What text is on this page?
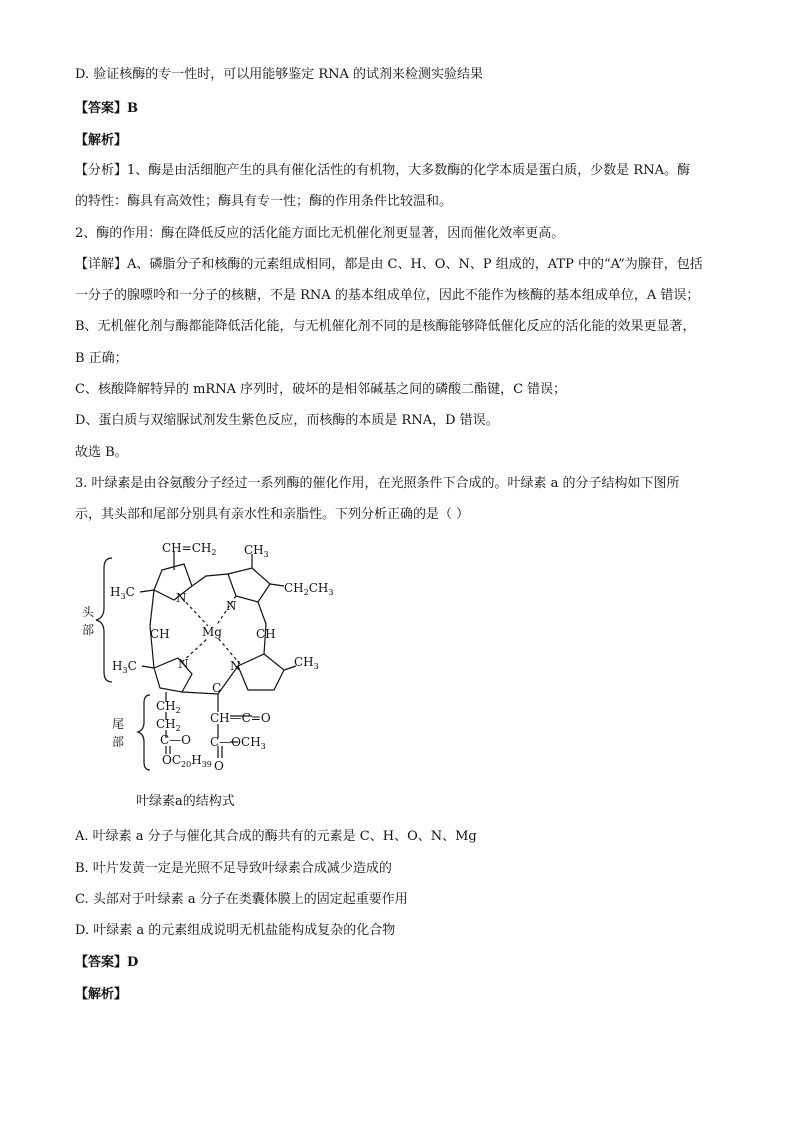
D. 验证核酶的专一性时，可以用能够鉴定 RNA 的试剂来检测实验结果
【答案】B
【解析】
【分析】1、酶是由活细胞产生的具有催化活性的有机物，大多数酶的化学本质是蛋白质，少数是 RNA。酶
的特性：酶具有高效性；酶具有专一性；酶的作用条件比较温和。
2、酶的作用：酶在降低反应的活化能方面比无机催化剂更显著，因而催化效率更高。
【详解】A、磷脂分子和核酶的元素组成相同，都是由 C、H、O、N、P 组成的，ATP 中的“A”为腺苷，包括
一分子的腺嘌呤和一分子的核糖，不是 RNA 的基本组成单位，因此不能作为核酶的基本组成单位，A 错误；
B、无机催化剂与酶都能降低活化能，与无机催化剂不同的是核酶能够降低催化反应的活化能的效果更显著，
B 正确；
C、核酸降解特异的 mRNA 序列时，破坏的是相邻碱基之间的磷酸二酯键，C 错误；
D、蛋白质与双缩脲试剂发生紫色反应，而核酶的本质是 RNA，D 错误。
故选 B。
3. 叶绿素是由谷氨酸分子经过一系列酶的催化作用，在光照条件下合成的。叶绿素 a 的分子结构如下图所
示，其头部和尾部分别具有亲水性和亲脂性。下列分析正确的是（ ）
头
部
尾
部
$CH=CH_2$ $CH_3$
$H_3C$	$CH_2CH_3$
N
N
N	N
Mg
CH	CH
$H_3C$	$CH_3$
C
CH—C=O
$C—OCH_3$
O
$CH_2$
$CH_2$
C—O
$OC_{20}H_{39}$
叶绿素a的结构式
A. 叶绿素 a 分子与催化其合成的酶共有的元素是 C、H、O、N、Mg
B. 叶片发黄一定是光照不足导致叶绿素合成减少造成的
C. 头部对于叶绿素 a 分子在类囊体膜上的固定起重要作用
D. 叶绿素 a 的元素组成说明无机盐能构成复杂的化合物
【答案】D
【解析】
